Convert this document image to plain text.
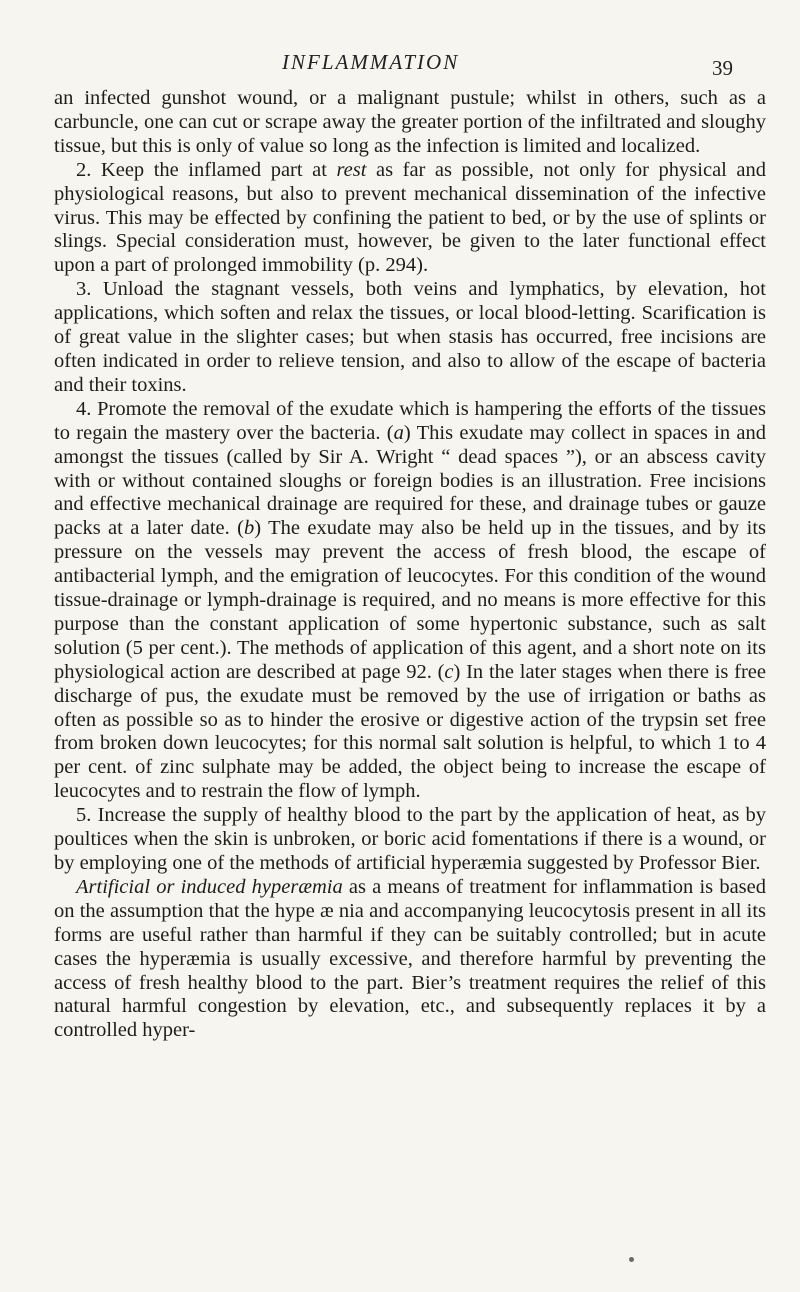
INFLAMMATION	39

an infected gunshot wound, or a malignant pustule; whilst in others, such as a carbuncle, one can cut or scrape away the greater portion of the infiltrated and sloughy tissue, but this is only of value so long as the infection is limited and localized.

2. Keep the inflamed part at rest as far as possible, not only for physical and physiological reasons, but also to prevent mechanical dissemination of the infective virus. This may be effected by confining the patient to bed, or by the use of splints or slings. Special consideration must, however, be given to the later functional effect upon a part of prolonged immobility (p. 294).

3. Unload the stagnant vessels, both veins and lymphatics, by elevation, hot applications, which soften and relax the tissues, or local blood-letting. Scarification is of great value in the slighter cases; but when stasis has occurred, free incisions are often indicated in order to relieve tension, and also to allow of the escape of bacteria and their toxins.

4. Promote the removal of the exudate which is hampering the efforts of the tissues to regain the mastery over the bacteria. (a) This exudate may collect in spaces in and amongst the tissues (called by Sir A. Wright “ dead spaces ”), or an abscess cavity with or without contained sloughs or foreign bodies is an illustration. Free incisions and effective mechanical drainage are required for these, and drainage tubes or gauze packs at a later date. (b) The exudate may also be held up in the tissues, and by its pressure on the vessels may prevent the access of fresh blood, the escape of antibacterial lymph, and the emigration of leucocytes. For this condition of the wound tissue-drainage or lymph-drainage is required, and no means is more effective for this purpose than the constant application of some hypertonic substance, such as salt solution (5 per cent.). The methods of application of this agent, and a short note on its physiological action are described at page 92. (c) In the later stages when there is free discharge of pus, the exudate must be removed by the use of irrigation or baths as often as possible so as to hinder the erosive or digestive action of the trypsin set free from broken down leucocytes; for this normal salt solution is helpful, to which 1 to 4 per cent. of zinc sulphate may be added, the object being to increase the escape of leucocytes and to restrain the flow of lymph.

5. Increase the supply of healthy blood to the part by the application of heat, as by poultices when the skin is unbroken, or boric acid fomentations if there is a wound, or by employing one of the methods of artificial hyperæmia suggested by Professor Bier.

Artificial or induced hyperæmia as a means of treatment for inflammation is based on the assumption that the hype æ nia and accompanying leucocytosis present in all its forms are useful rather than harmful if they can be suitably controlled; but in acute cases the hyperæmia is usually excessive, and therefore harmful by preventing the access of fresh healthy blood to the part. Bier’s treatment requires the relief of this natural harmful congestion by elevation, etc., and subsequently replaces it by a controlled hyper-
